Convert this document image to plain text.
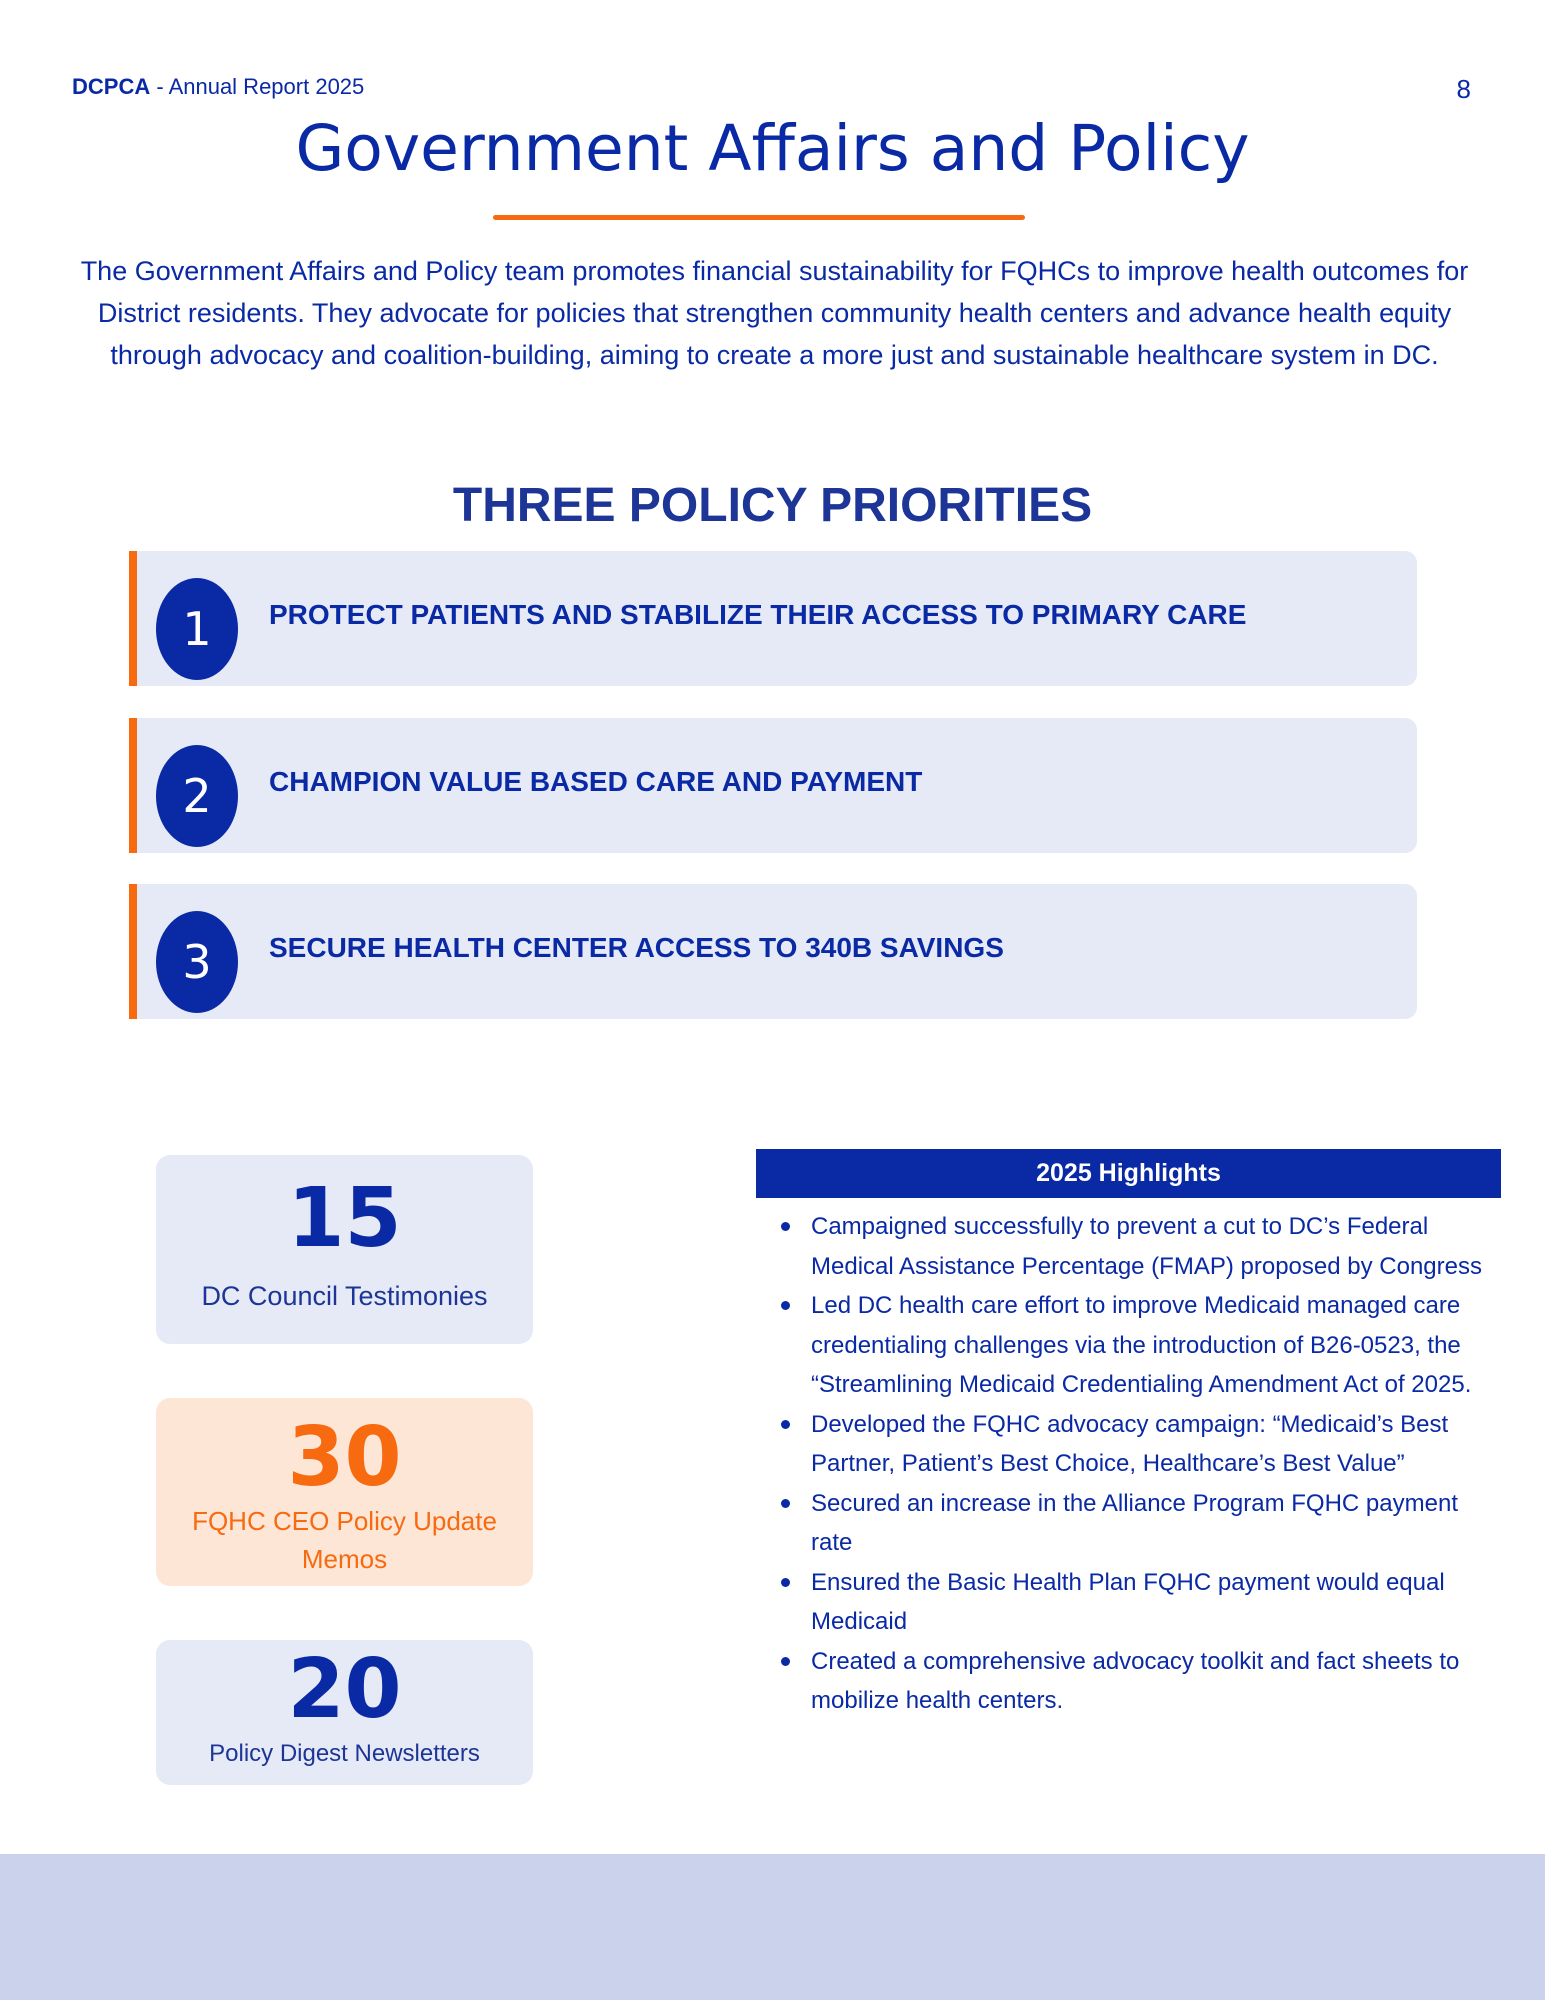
DCPCA - Annual Report 2025	8
Government Affairs and Policy

The Government Affairs and Policy team promotes financial sustainability for FQHCs to improve health outcomes for District residents. They advocate for policies that strengthen community health centers and advance health equity through advocacy and coalition-building, aiming to create a more just and sustainable healthcare system in DC.

THREE POLICY PRIORITIES
1	PROTECT PATIENTS AND STABILIZE THEIR ACCESS TO PRIMARY CARE
2	CHAMPION VALUE BASED CARE AND PAYMENT
3	SECURE HEALTH CENTER ACCESS TO 340B SAVINGS
15
DC Council Testimonies
30
FQHC CEO Policy Update Memos
20
Policy Digest Newsletters
2025 Highlights
Campaigned successfully to prevent a cut to DC’s Federal Medical Assistance Percentage (FMAP) proposed by Congress
Led DC health care effort to improve Medicaid managed care credentialing challenges via the introduction of B26-0523, the “Streamlining Medicaid Credentialing Amendment Act of 2025.
Developed the FQHC advocacy campaign: “Medicaid’s Best Partner, Patient’s Best Choice, Healthcare’s Best Value”
Secured an increase in the Alliance Program FQHC payment rate
Ensured the Basic Health Plan FQHC payment would equal Medicaid
Created a comprehensive advocacy toolkit and fact sheets to mobilize health centers.
